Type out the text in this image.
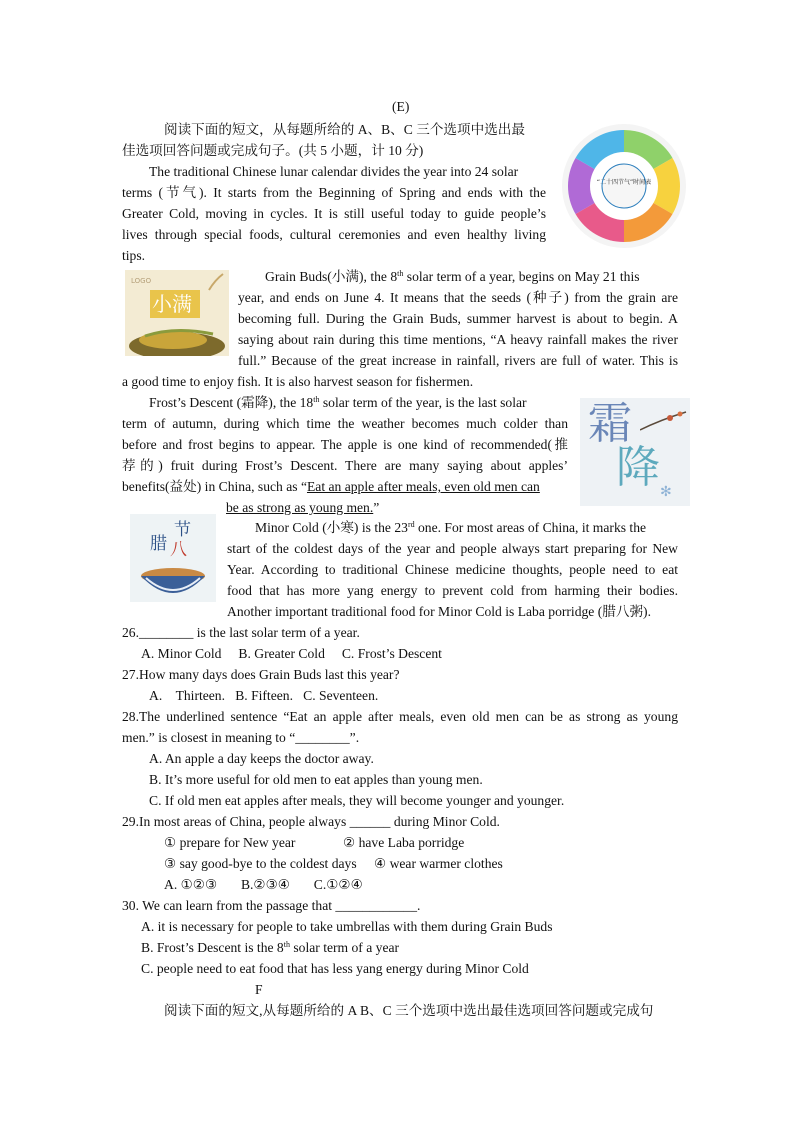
(E)
阅读下面的短文，从每题所给的 A、B、C 三个选项中选出最
佳选项回答问题或完成句子。(共 5 小题，计 10 分)
“二十四节气”时间表
The traditional Chinese lunar calendar divides the year into 24 solar
terms (节气). It starts from the Beginning of Spring and ends with the
Greater Cold, moving in cycles. It is still useful today to guide people’s
lives through special foods, cultural ceremonies and even healthy living
tips.
LOGO
小满
Grain Buds(小满), the 8th solar term of a year, begins on May 21 this
year, and ends on June 4. It means that the seeds (种子) from the grain are
becoming full. During the Grain Buds, summer harvest is about to begin. A
saying about rain during this time mentions, “A heavy rainfall makes the river
full.” Because of the great increase in rainfall, rivers are full of water. This is
a good time to enjoy fish. It is also harvest season for fishermen.
霜
降 ✻
Frost’s Descent (霜降), the 18th solar term of the year, is the last solar
term of autumn, during which time the weather becomes much colder than
before and frost begins to appear. The apple is one kind of recommended(推
荐的) fruit during Frost’s Descent. There are many saying about apples’
benefits(益处) in China, such as “Eat an apple after meals, even old men can
be as strong as young men.”
腊
节
八
Minor Cold (小寒) is the 23rd one. For most areas of China, it marks the
start of the coldest days of the year and people always start preparing for New
Year. According to traditional Chinese medicine thoughts, people need to eat
food that has more yang energy to prevent cold from harming their bodies.
Another important traditional food for Minor Cold is Laba porridge (腊八粥).
26.________ is the last solar term of a year.
A. Minor Cold     B. Greater Cold     C. Frost’s Descent
27.How many days does Grain Buds last this year?
A.    Thirteen.   B. Fifteen.   C. Seventeen.
28.The underlined sentence “Eat an apple after meals, even old men can be as strong as young
men.” is closest in meaning to “________”.
A. An apple a day keeps the doctor away.
B. It’s more useful for old men to eat apples than young men.
C. If old men eat apples after meals, they will become younger and younger.
29.In most areas of China, people always ______ during Minor Cold.
① prepare for New year	② have Laba porridge
③ say good-bye to the coldest days ④ wear warmer clothes
A. ①②③       B.②③④       C.①②④
30. We can learn from the passage that ____________.
A. it is necessary for people to take umbrellas with them during Grain Buds
B. Frost’s Descent is the 8th solar term of a year
C. people need to eat food that has less yang energy during Minor Cold
F
阅读下面的短文,从每题所给的 A B、C 三个选项中选出最佳选项回答问题或完成句
